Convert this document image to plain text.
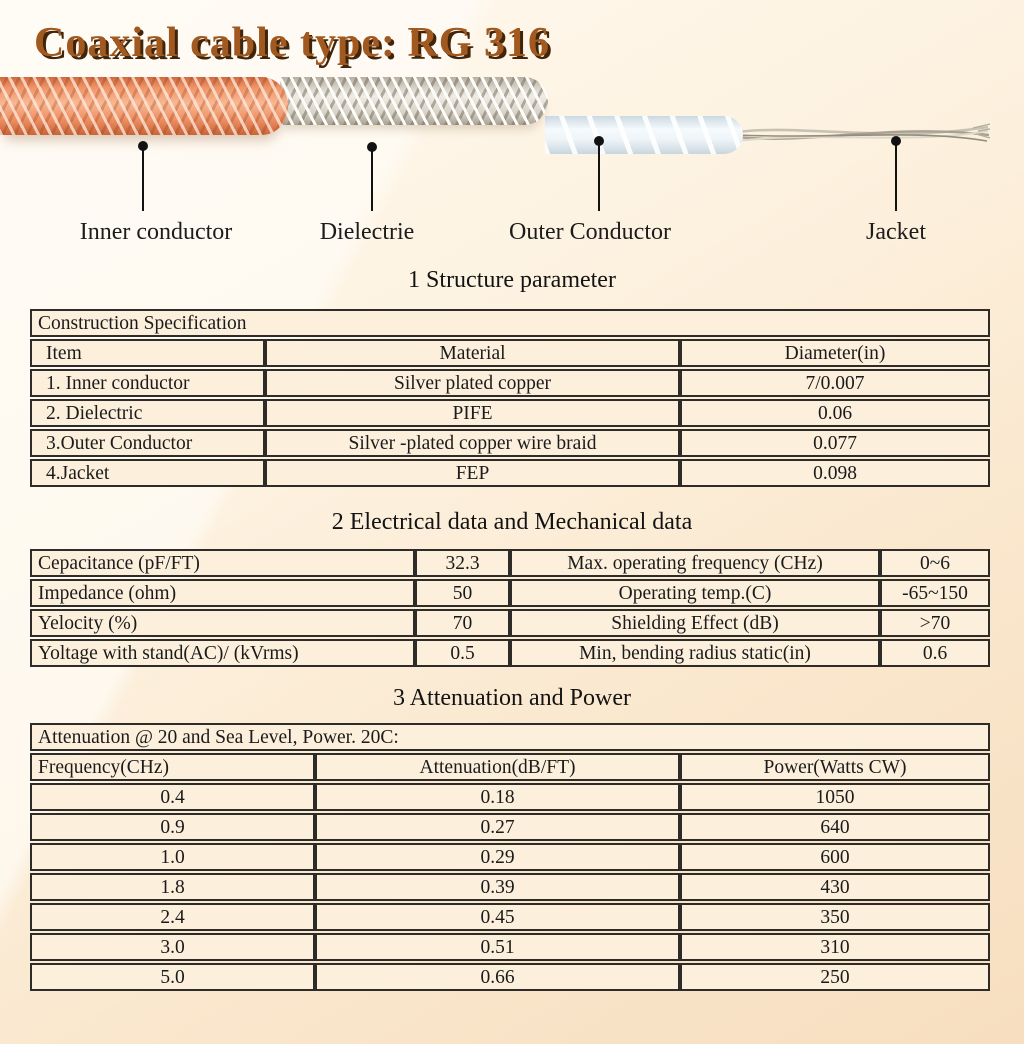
Coaxial cable type: RG 316
Inner conductor	Dielectrie	Outer Conductor	Jacket
1 Structure parameter
Construction Specification		
Item	Material	Diameter(in)
1. Inner conductor	Silver plated copper	7/0.007
2. Dielectric	PIFE	0.06
3.Outer Conductor	Silver -plated copper wire braid	0.077
4.Jacket	FEP	0.098
2 Electrical data and Mechanical data
Cepacitance (pF/FT)	32.3	Max. operating frequency (CHz)	0~6
Impedance (ohm)	50	Operating temp.(C)	-65~150
Yelocity (%)	70	Shielding Effect (dB)	>70
Yoltage with stand(AC)/ (kVrms)	0.5	Min, bending radius static(in)	0.6
3 Attenuation and Power
Attenuation @ 20 and Sea Level, Power. 20C:		
Frequency(CHz)	Attenuation(dB/FT)	Power(Watts CW)
0.4	0.18	1050
0.9	0.27	640
1.0	0.29	600
1.8	0.39	430
2.4	0.45	350
3.0	0.51	310
5.0	0.66	250
